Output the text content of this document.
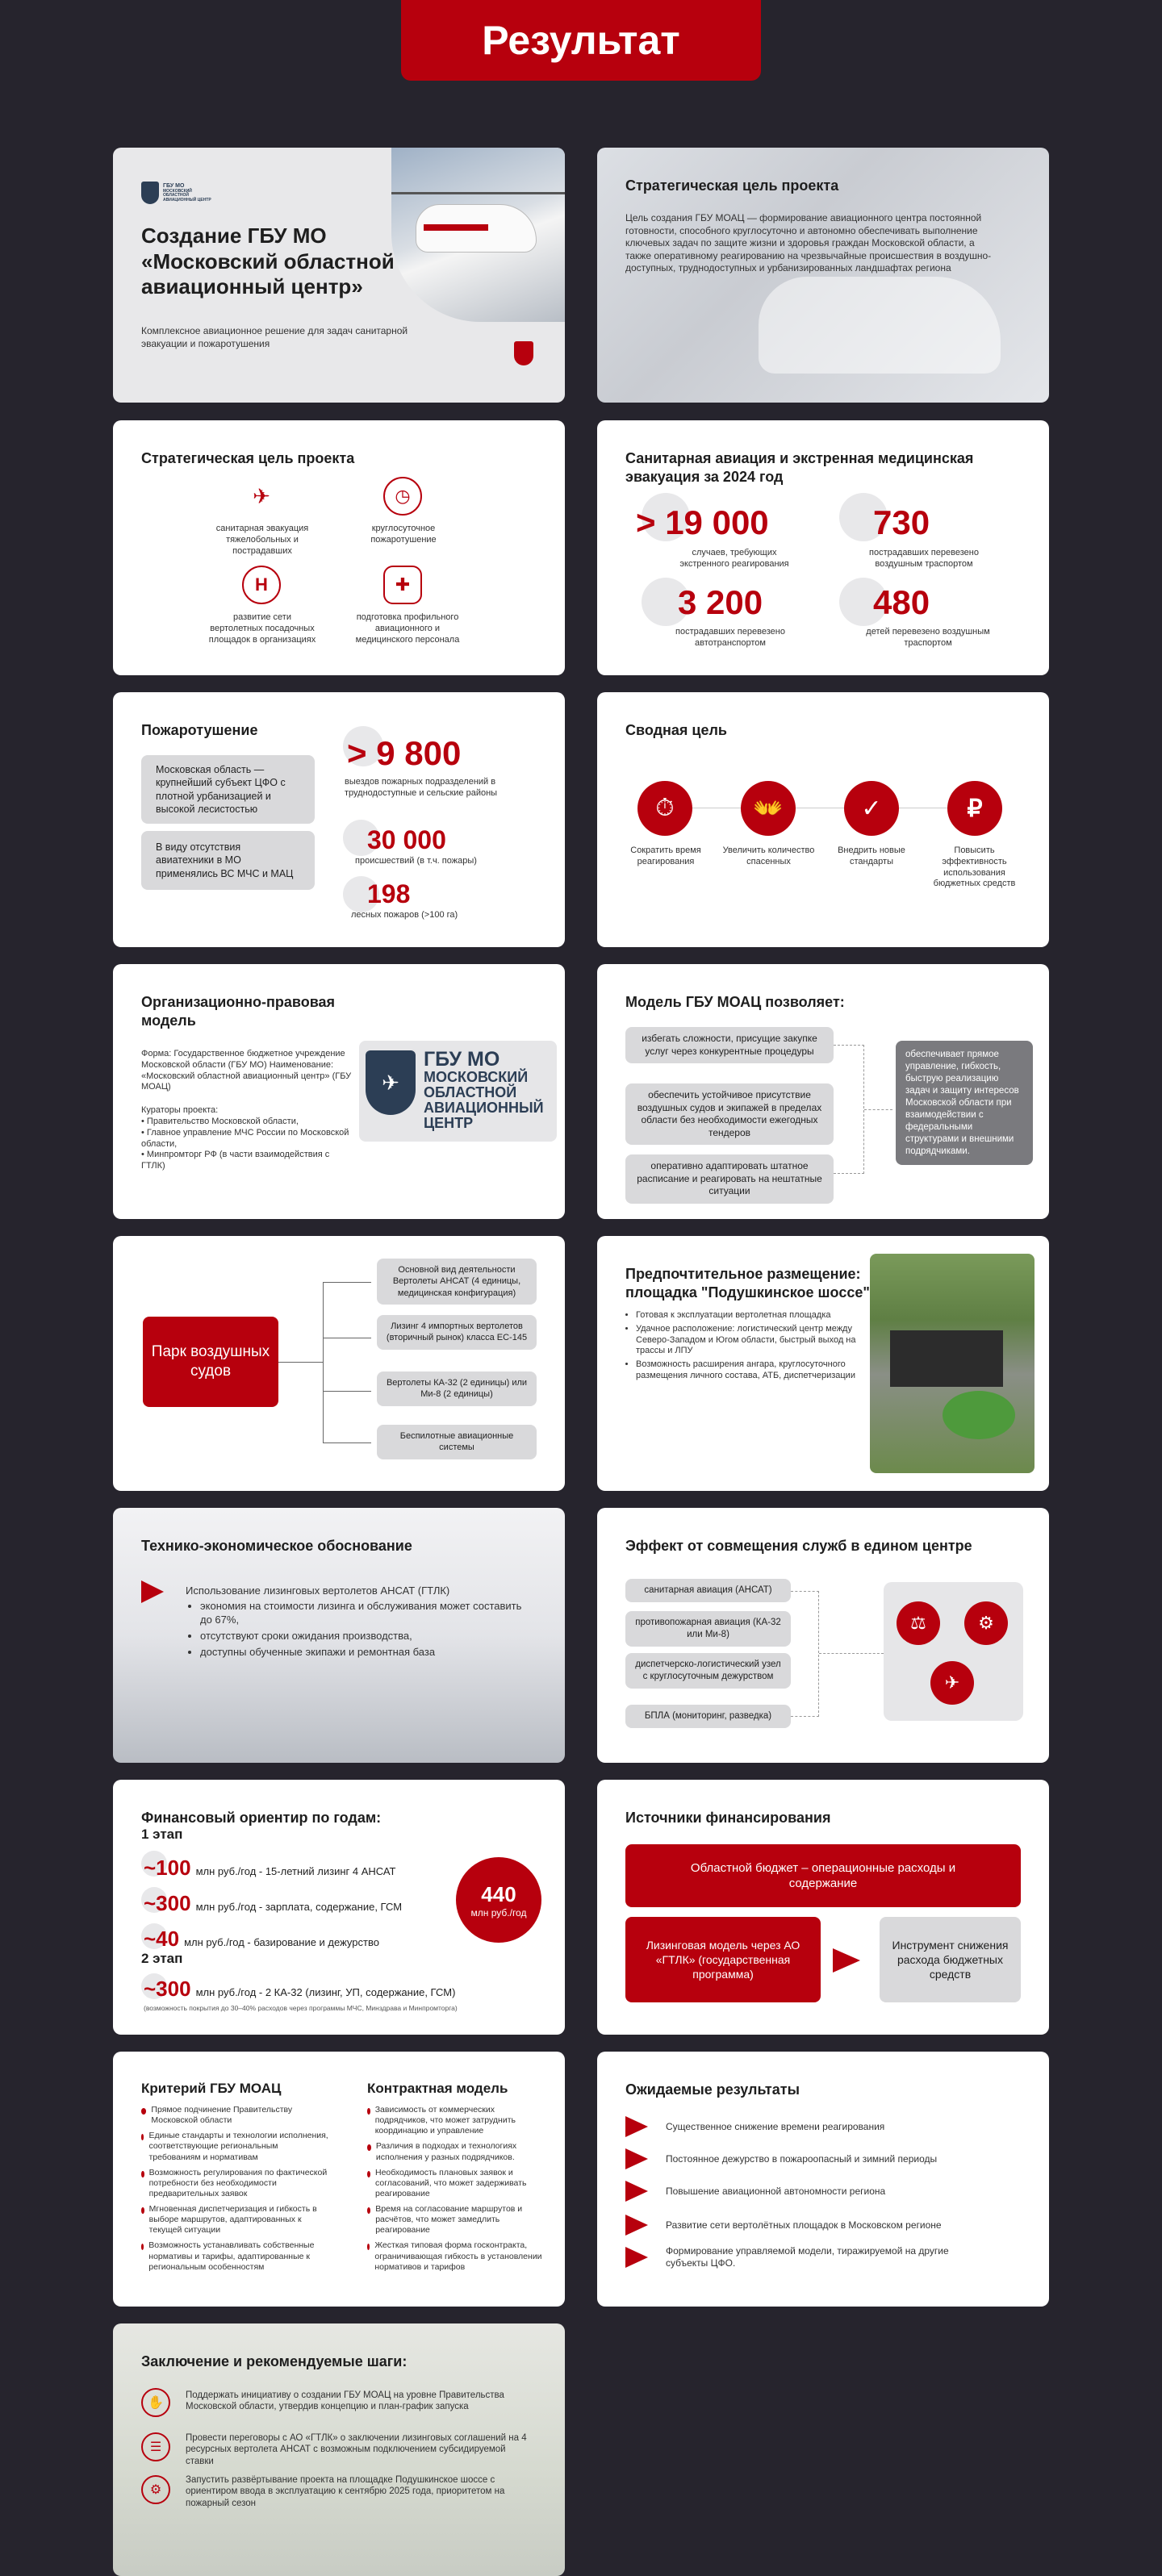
Результат
ГБУ МО
МОСКОВСКИЙ ОБЛАСТНОЙ АВИАЦИОННЫЙ ЦЕНТР
Создание ГБУ МО
«Московский областной
авиационный центр»
Комплексное авиационное решение для задач санитарной эвакуации и пожаротушения
Стратегическая цель проекта
Цель создания ГБУ МОАЦ — формирование авиационного центра постоянной готовности, способного круглосуточно и автономно обеспечивать выполнение ключевых задач по защите жизни и здоровья граждан Московской области, а также оперативному реагированию на чрезвычайные происшествия в воздушно-доступных, труднодоступных и урбанизированных ландшафтах региона
Стратегическая цель проекта
✈
санитарная эвакуация тяжелобольных и пострадавших
◷
круглосуточное пожаротушение
H
развитие сети вертолетных посадочных площадок в организациях
✚
подготовка профильного авиационного и медицинского персонала
Санитарная авиация и экстренная медицинская эвакуация за 2024 год
> 19 000
случаев, требующих экстренного реагирования
730
пострадавших перевезено воздушным траспортом
3 200
пострадавших перевезено автотранспортом
480
детей перевезено воздушным траспортом
Пожаротушение
Московская область — крупнейший субъект ЦФО с плотной урбанизацией и высокой лесистостью
В виду отсутствия авиатехники в МО применялись ВС МЧС и МАЦ
> 9 800
выездов пожарных подразделений в труднодоступные и сельские районы
30 000
происшествий (в т.ч. пожары)
198
лесных пожаров (>100 га)
Сводная цель
⏱
Сократить время реагирования
👐
Увеличить количество спасенных
✓
Внедрить новые стандарты
₽
Повысить эффективность использования бюджетных средств
Организационно-правовая модель
Форма: Государственное бюджетное учреждение Московской области (ГБУ МО) Наименование: «Московский областной авиационный центр» (ГБУ МОАЦ)
Кураторы проекта:
• Правительство Московской области,
• Главное управление МЧС России по Московской области,
• Минпромторг РФ (в части взаимодействия с ГТЛК)
✈
ГБУ МО
МОСКОВСКИЙ
ОБЛАСТНОЙ
АВИАЦИОННЫЙ
ЦЕНТР
Модель ГБУ МОАЦ позволяет:
избегать сложности, присущие закупке услуг через конкурентные процедуры
обеспечить устойчивое присутствие воздушных судов и экипажей в пределах области без необходимости ежегодных тендеров
оперативно адаптировать штатное расписание и реагировать на нештатные ситуации
обеспечивает прямое управление, гибкость, быструю реализацию задач и защиту интересов Московской области при взаимодействии с федеральными структурами и внешними подрядчиками.
Парк воздушных судов
Основной вид деятельности Вертолеты АНСАТ (4 единицы, медицинская конфигурация)
Лизинг 4 импортных вертолетов (вторичный рынок) класса ЕС-145
Вертолеты КА-32 (2 единицы) или Ми-8 (2 единицы)
Беспилотные авиационные системы
Предпочтительное размещение: площадка "Подушкинское шоссе"
• Готовая к эксплуатации вертолетная площадка
• Удачное расположение: логистический центр между Северо-Западом и Югом области, быстрый выход на трассы и ЛПУ
• Возможность расширения ангара, круглосуточного размещения личного состава, АТБ, диспетчеризации
Технико-экономическое обоснование
Использование лизинговых вертолетов АНСАТ (ГТЛК)
• экономия на стоимости лизинга и обслуживания может составить до 67%,
• отсутствуют сроки ожидания производства,
• доступны обученные экипажи и ремонтная база
Эффект от совмещения служб в едином центре
санитарная авиация (АНСАТ)
противопожарная авиация (КА-32 или Ми-8)
диспетчерско-логистический узел с круглосуточным дежурством
БПЛА (мониторинг, разведка)
⚖	⚙
✈
Финансовый ориентир по годам:
1 этап
~100 млн руб./год - 15-летний лизинг 4 АНСАТ
~300 млн руб./год - зарплата, содержание, ГСМ
~40 млн руб./год - базирование и дежурство
2 этап
~300 млн руб./год - 2 КА-32 (лизинг, УП, содержание, ГСМ)
(возможность покрытия до 30–40% расходов через программы МЧС, Минздрава и Минпромторга)
440
млн руб./год
Источники финансирования
Областной бюджет – операционные расходы и содержание
Лизинговая модель через АО «ГТЛК» (государственная программа)
Инструмент снижения расхода бюджетных средств
Критерий ГБУ МОАЦ	Контрактная модель
Прямое подчинение Правительству Московской области
Единые стандарты и технологии исполнения, соответствующие региональным требованиям и нормативам
Возможность регулирования по фактической потребности без необходимости предварительных заявок
Мгновенная диспетчеризация и гибкость в выборе маршрутов, адаптированных к текущей ситуации
Возможность устанавливать собственные нормативы и тарифы, адаптированные к региональным особенностям
Зависимость от коммерческих подрядчиков, что может затруднить координацию и управление
Различия в подходах и технологиях исполнения у разных подрядчиков.
Необходимость плановых заявок и согласований, что может задерживать реагирование
Время на согласование маршрутов и расчётов, что может замедлить реагирование
Жесткая типовая форма госконтракта, ограничивающая гибкость в установлении нормативов и тарифов
Ожидаемые результаты
Существенное снижение времени реагирования
Постоянное дежурство в пожароопасный и зимний периоды
Повышение авиационной автономности региона
Развитие сети вертолётных площадок в Московском регионе
Формирование управляемой модели, тиражируемой на другие субъекты ЦФО.
Заключение и рекомендуемые шаги:
✋
Поддержать инициативу о создании ГБУ МОАЦ на уровне Правительства Московской области, утвердив концепцию и план-график запуска
☰
Провести переговоры с АО «ГТЛК» о заключении лизинговых соглашений на 4 ресурсных вертолета АНСАТ с возможным подключением субсидируемой ставки
⚙
Запустить развёртывание проекта на площадке Подушкинское шоссе с ориентиром ввода в эксплуатацию к сентябрю 2025 года, приоритетом на пожарный сезон
